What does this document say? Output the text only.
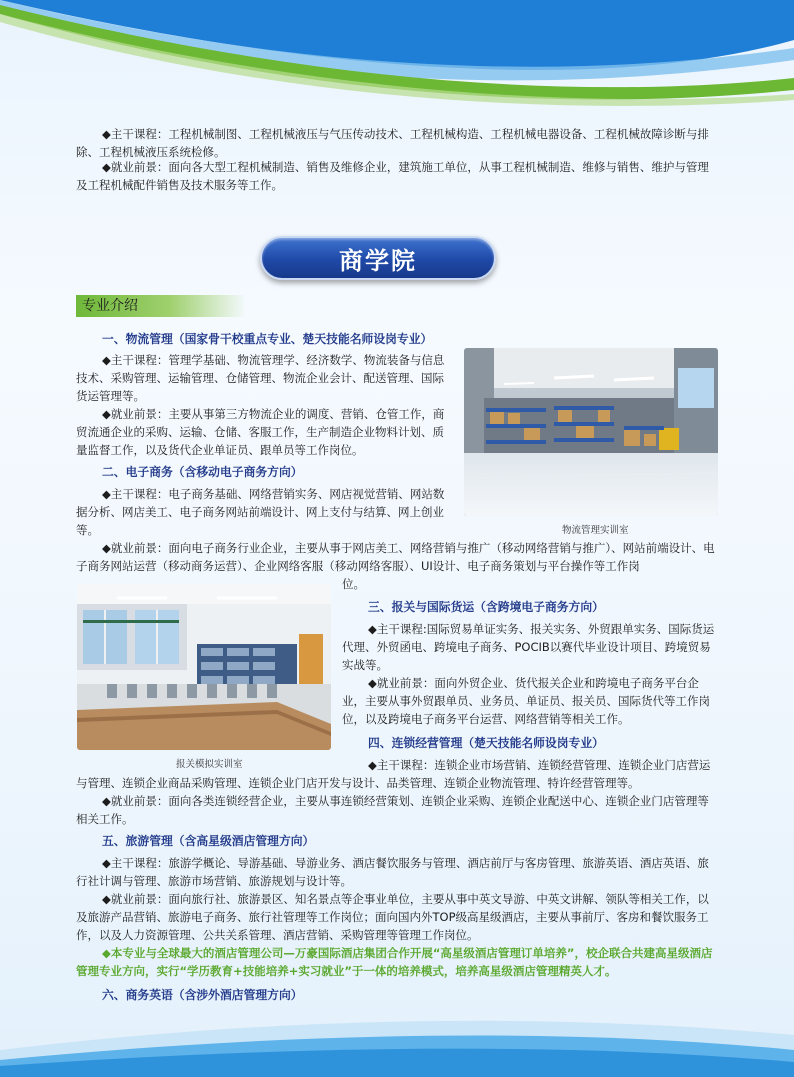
◆主干课程：工程机械制图、工程机械液压与气压传动技术、工程机械构造、工程机械电器设备、工程机械故障诊断与排除、工程机械液压系统检修。

◆就业前景：面向各大型工程机械制造、销售及维修企业，建筑施工单位，从事工程机械制造、维修与销售、维护与管理及工程机械配件销售及技术服务等工作。

商学院
专业介绍

一、物流管理（国家骨干校重点专业、楚天技能名师设岗专业）

◆主干课程：管理学基础、物流管理学、经济数学、物流装备与信息技术、采购管理、运输管理、仓储管理、物流企业会计、配送管理、国际货运管理等。

◆就业前景：主要从事第三方物流企业的调度、营销、仓管工作，商贸流通企业的采购、运输、仓储、客服工作，生产制造企业物料计划、质量监督工作，以及货代企业单证员、跟单员等工作岗位。

物流管理实训室

二、电子商务（含移动电子商务方向）

◆主干课程：电子商务基础、网络营销实务、网店视觉营销、网站数据分析、网店美工、电子商务网站前端设计、网上支付与结算、网上创业等。

◆就业前景：面向电子商务行业企业，主要从事于网店美工、网络营销与推广（移动网络营销与推广）、网站前端设计、电子商务网站运营（移动商务运营）、企业网络客服（移动网络客服）、UI设计、电子商务策划与平台操作等工作岗

位。

报关模拟实训室

三、报关与国际货运（含跨境电子商务方向）

◆主干课程:国际贸易单证实务、报关实务、外贸跟单实务、国际货运代理、外贸函电、跨境电子商务、POCIB以赛代毕业设计项目、跨境贸易实战等。

◆就业前景：面向外贸企业、货代报关企业和跨境电子商务平台企业，主要从事外贸跟单员、业务员、单证员、报关员、国际货代等工作岗位，以及跨境电子商务平台运营、网络营销等相关工作。

四、连锁经营管理（楚天技能名师设岗专业）

◆主干课程：连锁企业市场营销、连锁经营管理、连锁企业门店营运

与管理、连锁企业商品采购管理、连锁企业门店开发与设计、品类管理、连锁企业物流管理、特许经营管理等。

◆就业前景：面向各类连锁经营企业，主要从事连锁经营策划、连锁企业采购、连锁企业配送中心、连锁企业门店管理等相关工作。

五、旅游管理（含高星级酒店管理方向）

◆主干课程：旅游学概论、导游基础、导游业务、酒店餐饮服务与管理、酒店前厅与客房管理、旅游英语、酒店英语、旅行社计调与管理、旅游市场营销、旅游规划与设计等。

◆就业前景：面向旅行社、旅游景区、知名景点等企事业单位，主要从事中英文导游、中英文讲解、领队等相关工作，以及旅游产品营销、旅游电子商务、旅行社管理等工作岗位；面向国内外TOP级高星级酒店，主要从事前厅、客房和餐饮服务工作，以及人力资源管理、公共关系管理、酒店营销、采购管理等管理工作岗位。

◆本专业与全球最大的酒店管理公司—万豪国际酒店集团合作开展“高星级酒店管理订单培养”，校企联合共建高星级酒店管理专业方向，实行“学历教育+技能培养+实习就业”于一体的培养模式，培养高星级酒店管理精英人才。

六、商务英语（含涉外酒店管理方向）
